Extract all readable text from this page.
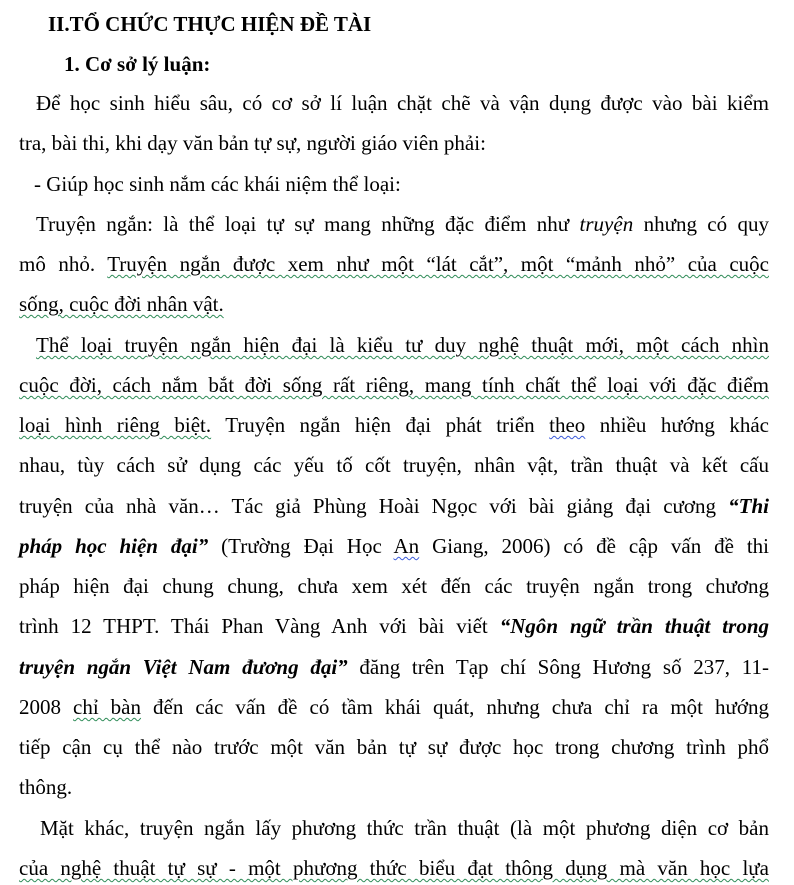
II.TỔ CHỨC THỰC HIỆN ĐỀ TÀI
1. Cơ sở lý luận:
Để học sinh hiểu sâu, có cơ sở lí luận chặt chẽ và vận dụng được vào bài kiểm
tra, bài thi, khi dạy văn bản tự sự, người giáo viên phải:
- Giúp học sinh nắm các khái niệm thể loại:
Truyện ngắn: là thể loại tự sự mang những đặc điểm như truyện nhưng có quy
mô nhỏ. Truyện ngắn được xem như một “lát cắt”, một “mảnh nhỏ” của cuộc
sống, cuộc đời nhân vật.
Thể loại truyện ngắn hiện đại là kiểu tư duy nghệ thuật mới, một cách nhìn
cuộc đời, cách nắm bắt đời sống rất riêng, mang tính chất thể loại với đặc điểm
loại hình riêng biệt. Truyện ngắn hiện đại phát triển theo nhiều hướng khác
nhau, tùy cách sử dụng các yếu tố cốt truyện, nhân vật, trần thuật và kết cấu
truyện của nhà văn… Tác giả Phùng Hoài Ngọc với bài giảng đại cương “Thi
pháp học hiện đại” (Trường Đại Học An Giang, 2006) có đề cập vấn đề thi
pháp hiện đại chung chung, chưa xem xét đến các truyện ngắn trong chương
trình 12 THPT. Thái Phan Vàng Anh với bài viết “Ngôn ngữ trần thuật trong
truyện ngắn Việt Nam đương đại” đăng trên Tạp chí Sông Hương số 237, 11-
2008 chỉ bàn đến các vấn đề có tầm khái quát, nhưng chưa chỉ ra một hướng
tiếp cận cụ thể nào trước một văn bản tự sự được học trong chương trình phổ
thông.
Mặt khác, truyện ngắn lấy phương thức trần thuật (là một phương diện cơ bản
của nghệ thuật tự sự - một phương thức biểu đạt thông dụng mà văn học lựa
